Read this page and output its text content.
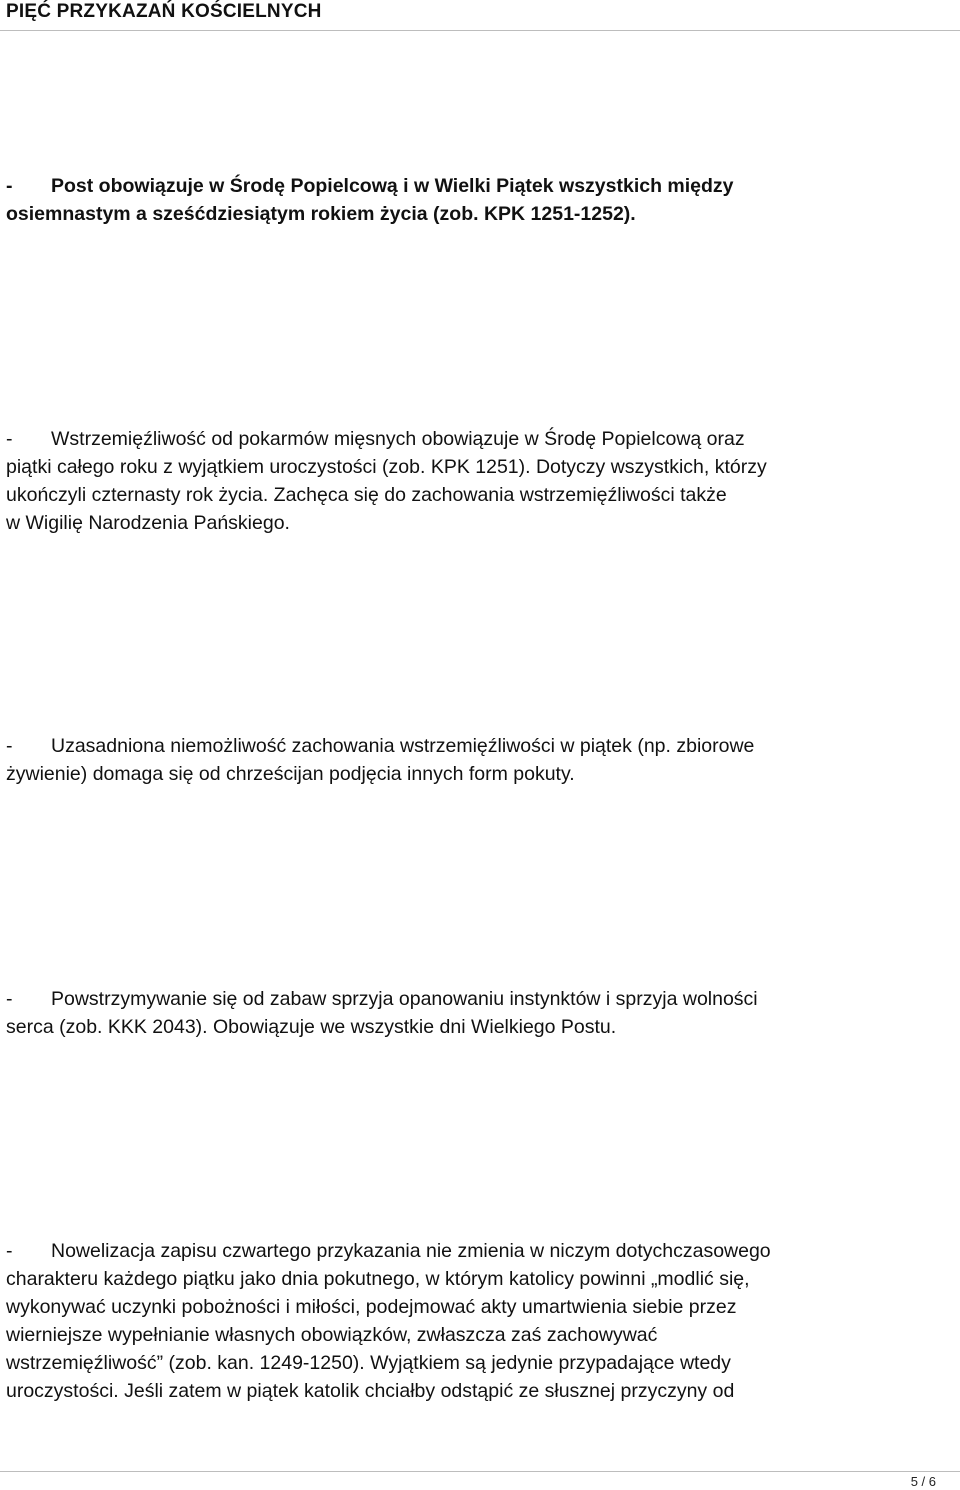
PIĘĆ PRZYKAZAŃ KOŚCIELNYCH
- Post obowiązuje w Środę Popielcową i w Wielki Piątek wszystkich między
osiemnastym a sześćdziesiątym rokiem życia (zob. KPK 1251-1252).
- Wstrzemięźliwość od pokarmów mięsnych obowiązuje w Środę Popielcową oraz
piątki całego roku z wyjątkiem uroczystości (zob. KPK 1251). Dotyczy wszystkich, którzy
ukończyli czternasty rok życia. Zachęca się do zachowania wstrzemięźliwości także
w Wigilię Narodzenia Pańskiego.
- Uzasadniona niemożliwość zachowania wstrzemięźliwości w piątek (np. zbiorowe
żywienie) domaga się od chrześcijan podjęcia innych form pokuty.
- Powstrzymywanie się od zabaw sprzyja opanowaniu instynktów i sprzyja wolności
serca (zob. KKK 2043). Obowiązuje we wszystkie dni Wielkiego Postu.
- Nowelizacja zapisu czwartego przykazania nie zmienia w niczym dotychczasowego
charakteru każdego piątku jako dnia pokutnego, w którym katolicy powinni „modlić się,
wykonywać uczynki pobożności i miłości, podejmować akty umartwienia siebie przez
wierniejsze wypełnianie własnych obowiązków, zwłaszcza zaś zachowywać
wstrzemięźliwość” (zob. kan. 1249-1250). Wyjątkiem są jedynie przypadające wtedy
uroczystości. Jeśli zatem w piątek katolik chciałby odstąpić ze słusznej przyczyny od
5 / 6
